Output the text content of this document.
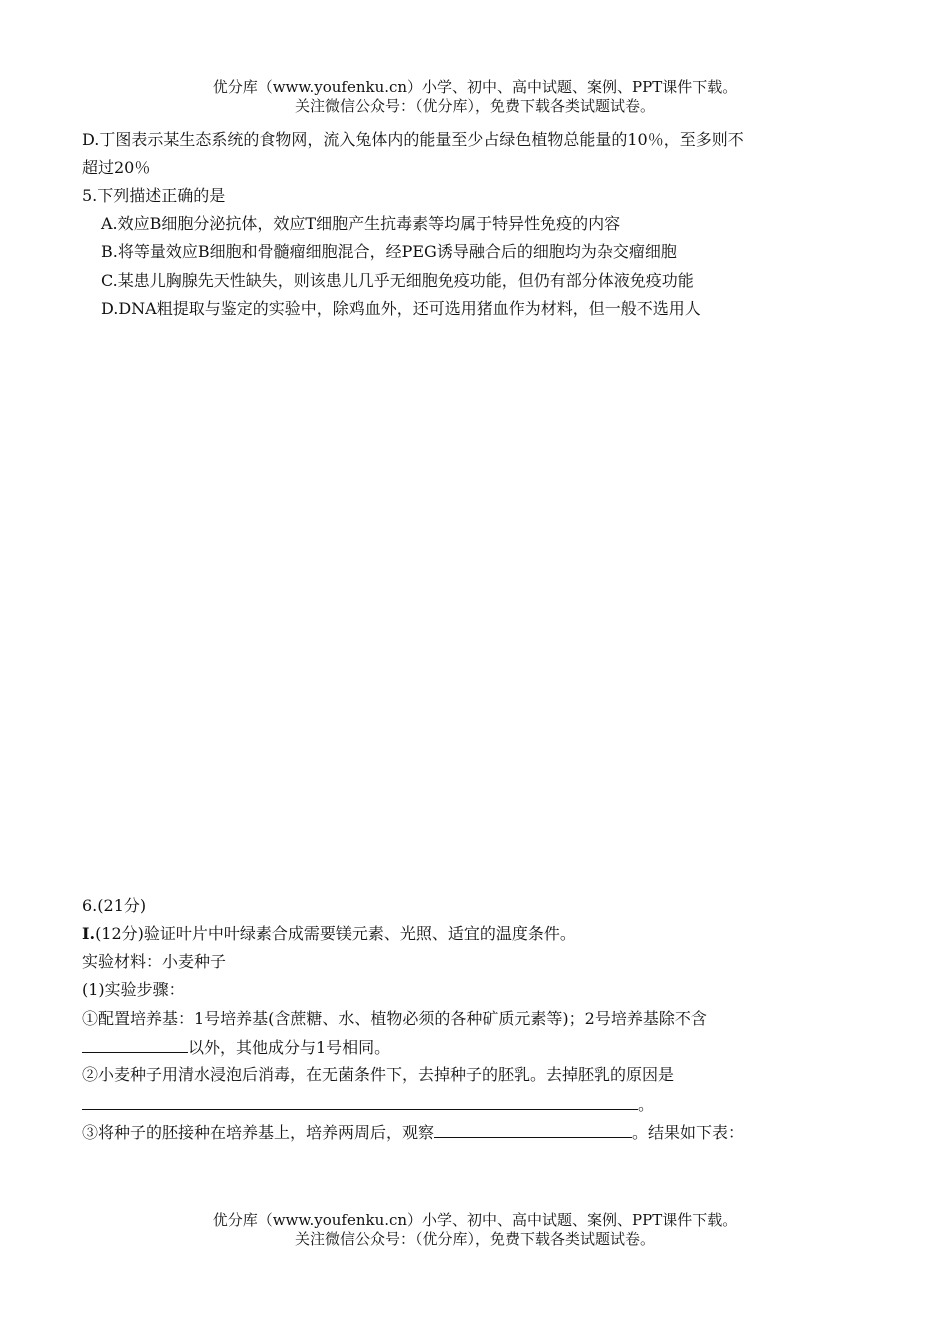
优分库（www.youfenku.cn）小学、初中、高中试题、案例、PPT课件下载。
关注微信公众号：（优分库），免费下载各类试题试卷。
D.丁图表示某生态系统的食物网，流入兔体内的能量至少占绿色植物总能量的10％，至多则不
超过20％
5.下列描述正确的是
A.效应B细胞分泌抗体，效应T细胞产生抗毒素等均属于特异性免疫的内容
B.将等量效应B细胞和骨髓瘤细胞混合，经PEG诱导融合后的细胞均为杂交瘤细胞
C.某患儿胸腺先天性缺失，则该患儿几乎无细胞免疫功能，但仍有部分体液免疫功能
D.DNA粗提取与鉴定的实验中，除鸡血外，还可选用猪血作为材料，但一般不选用人
6.(21分)
Ⅰ.(12分)验证叶片中叶绿素合成需要镁元素、光照、适宜的温度条件。
实验材料：小麦种子
(1)实验步骤：
①配置培养基：1号培养基(含蔗糖、水、植物必须的各种矿质元素等)；2号培养基除不含
以外，其他成分与1号相同。
②小麦种子用清水浸泡后消毒，在无菌条件下，去掉种子的胚乳。去掉胚乳的原因是
。
③将种子的胚接种在培养基上，培养两周后，观察	。结果如下表：
优分库（www.youfenku.cn）小学、初中、高中试题、案例、PPT课件下载。
关注微信公众号：（优分库），免费下载各类试题试卷。
